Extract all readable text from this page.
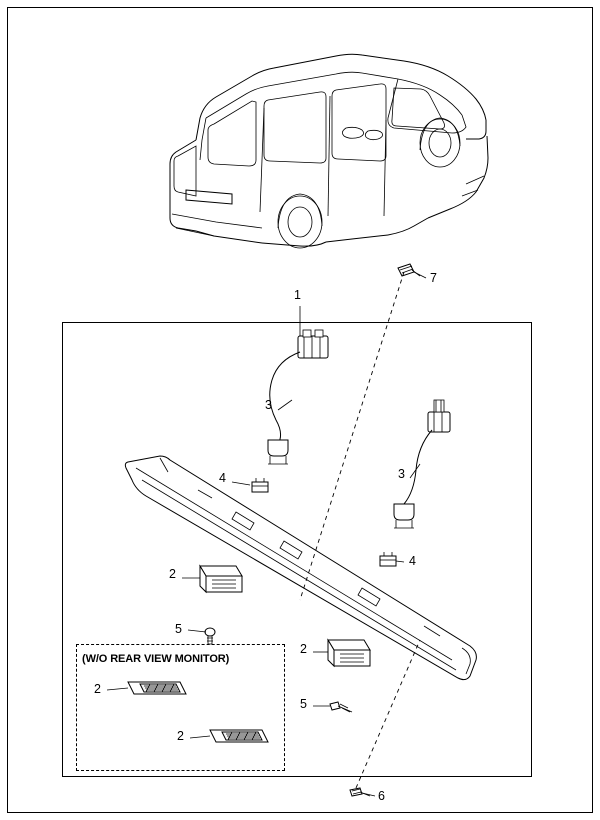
1
7
3
3
4
4
2
5
2
5
2
2
6
(W/O REAR VIEW MONITOR)
